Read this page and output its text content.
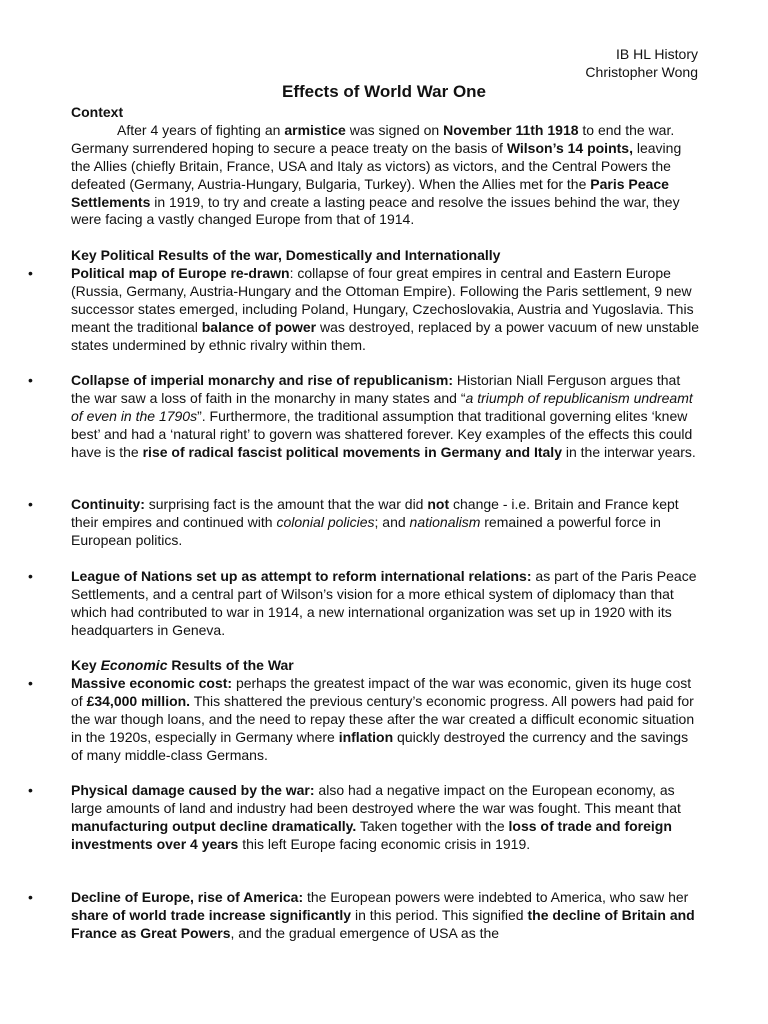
IB HL History
Christopher Wong
Effects of World War One
Context
After 4 years of fighting an armistice was signed on November 11th 1918 to end the war. Germany surrendered hoping to secure a peace treaty on the basis of Wilson’s 14 points, leaving the Allies (chiefly Britain, France, USA and Italy as victors) as victors, and the Central Powers the defeated (Germany, Austria-Hungary, Bulgaria, Turkey). When the Allies met for the Paris Peace Settlements in 1919, to try and create a lasting peace and resolve the issues behind the war, they were facing a vastly changed Europe from that of 1914.
Key Political Results of the war, Domestically and Internationally
•	Political map of Europe re-drawn: collapse of four great empires in central and Eastern Europe (Russia, Germany, Austria-Hungary and the Ottoman Empire). Following the Paris settlement, 9 new successor states emerged, including Poland, Hungary, Czechoslovakia, Austria and Yugoslavia. This meant the traditional balance of power was destroyed, replaced by a power vacuum of new unstable states undermined by ethnic rivalry within them.
•	Collapse of imperial monarchy and rise of republicanism: Historian Niall Ferguson argues that the war saw a loss of faith in the monarchy in many states and “a triumph of republicanism undreamt of even in the 1790s”. Furthermore, the traditional assumption that traditional governing elites ‘knew best’ and had a ‘natural right’ to govern was shattered forever. Key examples of the effects this could have is the rise of radical fascist political movements in Germany and Italy in the interwar years.
•	Continuity: surprising fact is the amount that the war did not change - i.e. Britain and France kept their empires and continued with colonial policies; and nationalism remained a powerful force in European politics.
•	League of Nations set up as attempt to reform international relations: as part of the Paris Peace Settlements, and a central part of Wilson’s vision for a more ethical system of diplomacy than that which had contributed to war in 1914, a new international organization was set up in 1920 with its headquarters in Geneva.
Key Economic Results of the War
•	Massive economic cost: perhaps the greatest impact of the war was economic, given its huge cost of £34,000 million. This shattered the previous century’s economic progress. All powers had paid for the war though loans, and the need to repay these after the war created a difficult economic situation in the 1920s, especially in Germany where inflation quickly destroyed the currency and the savings of many middle-class Germans.
•	Physical damage caused by the war: also had a negative impact on the European economy, as large amounts of land and industry had been destroyed where the war was fought. This meant that manufacturing output decline dramatically. Taken together with the loss of trade and foreign investments over 4 years this left Europe facing economic crisis in 1919.
•	Decline of Europe, rise of America: the European powers were indebted to America, who saw her share of world trade increase significantly in this period. This signified the decline of Britain and France as Great Powers, and the gradual emergence of USA as the
